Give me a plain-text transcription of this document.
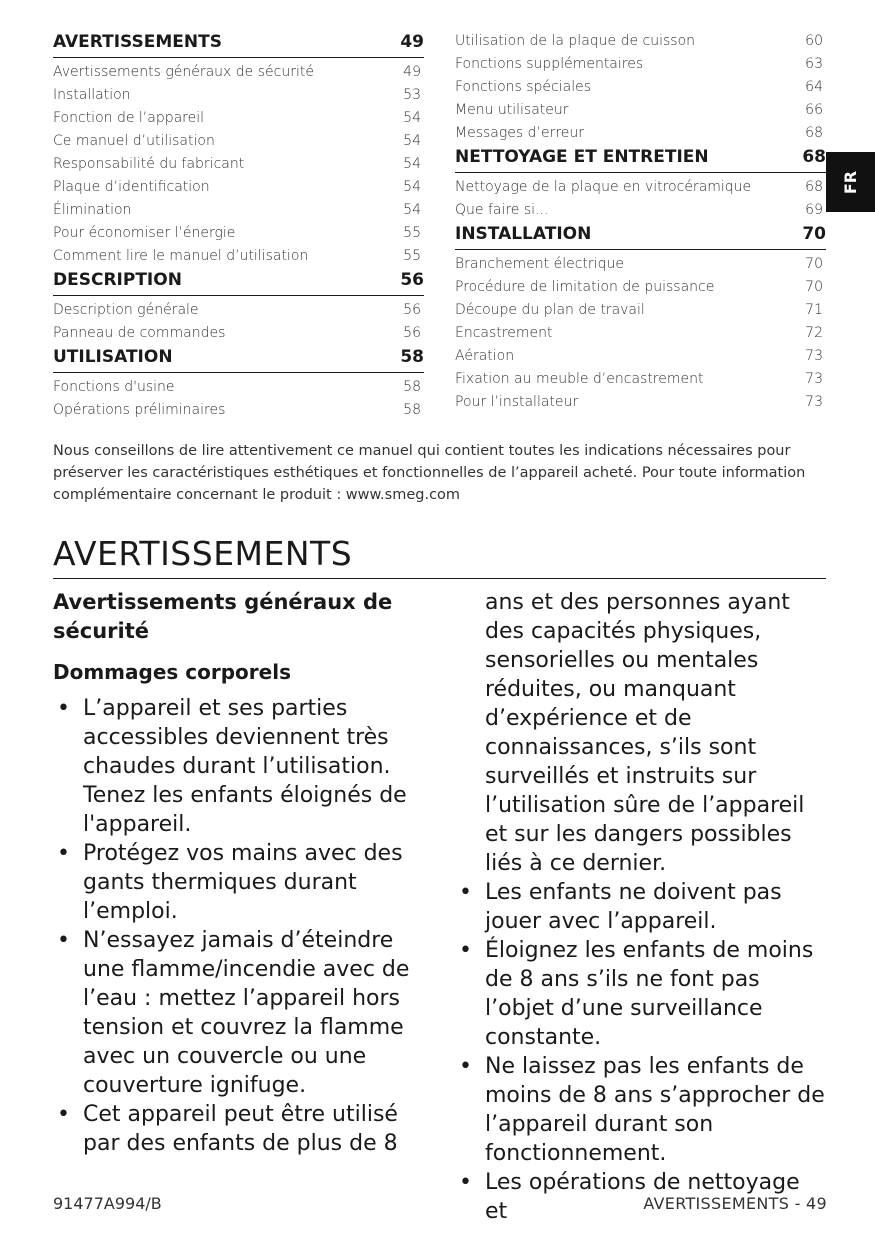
AVERTISSEMENTS	49
Avertissements généraux de sécurité	49
Installation	53
Fonction de l’appareil	54
Ce manuel d’utilisation	54
Responsabilité du fabricant	54
Plaque d’identification	54
Élimination	54
Pour économiser l’énergie	55
Comment lire le manuel d’utilisation	55
DESCRIPTION	56
Description générale	56
Panneau de commandes	56
UTILISATION	58
Fonctions d'usine	58
Opérations préliminaires	58
Utilisation de la plaque de cuisson	60
Fonctions supplémentaires	63
Fonctions spéciales	64
Menu utilisateur	66
Messages d’erreur	68
NETTOYAGE ET ENTRETIEN	68
Nettoyage de la plaque en vitrocéramique	68
Que faire si...	69
INSTALLATION	70
Branchement électrique	70
Procédure de limitation de puissance	70
Découpe du plan de travail	71
Encastrement	72
Aération	73
Fixation au meuble d’encastrement	73
Pour l’installateur	73
FR

Nous conseillons de lire attentivement ce manuel qui contient toutes les indications nécessaires pour préserver les caractéristiques esthétiques et fonctionnelles de l’appareil acheté. Pour toute information complémentaire concernant le produit : www.smeg.com

AVERTISSEMENTS
Avertissements généraux de sécurité
Dommages corporels
• L’appareil et ses parties accessibles deviennent très chaudes durant l’utilisation. Tenez les enfants éloignés de l'appareil.
• Protégez vos mains avec des gants thermiques durant l’emploi.
• N’essayez jamais d’éteindre une flamme/incendie avec de l’eau : mettez l’appareil hors tension et couvrez la flamme avec un couvercle ou une couverture ignifuge.
• Cet appareil peut être utilisé par des enfants de plus de 8

ans et des personnes ayant des capacités physiques, sensorielles ou mentales réduites, ou manquant d’expérience et de connaissances, s’ils sont surveillés et instruits sur l’utilisation sûre de l’appareil et sur les dangers possibles liés à ce dernier.

• Les enfants ne doivent pas jouer avec l’appareil.
• Éloignez les enfants de moins de 8 ans s’ils ne font pas l’objet d’une surveillance constante.
• Ne laissez pas les enfants de moins de 8 ans s’approcher de l’appareil durant son fonctionnement.
• Les opérations de nettoyage et
91477A994/B	AVERTISSEMENTS - 49
